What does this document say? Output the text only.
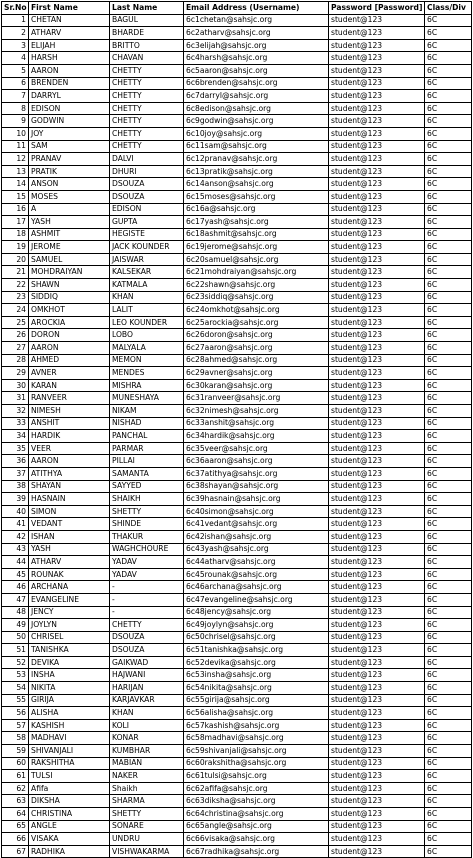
Sr.No	First Name	Last Name	Email Address (Username)	Password [Password]	Class/Div
1	CHETAN	BAGUL	6c1chetan@sahsjc.org	student@123	6C
2	ATHARV	BHARDE	6c2atharv@sahsjc.org	student@123	6C
3	ELIJAH	BRITTO	6c3elijah@sahsjc.org	student@123	6C
4	HARSH	CHAVAN	6c4harsh@sahsjc.org	student@123	6C
5	AARON	CHETTY	6c5aaron@sahsjc.org	student@123	6C
6	BRENDEN	CHETTY	6c6brenden@sahsjc.org	student@123	6C
7	DARRYL	CHETTY	6c7darryl@sahsjc.org	student@123	6C
8	EDISON	CHETTY	6c8edison@sahsjc.org	student@123	6C
9	GODWIN	CHETTY	6c9godwin@sahsjc.org	student@123	6C
10	JOY	CHETTY	6c10joy@sahsjc.org	student@123	6C
11	SAM	CHETTY	6c11sam@sahsjc.org	student@123	6C
12	PRANAV	DALVI	6c12pranav@sahsjc.org	student@123	6C
13	PRATIK	DHURI	6c13pratik@sahsjc.org	student@123	6C
14	ANSON	DSOUZA	6c14anson@sahsjc.org	student@123	6C
15	MOSES	DSOUZA	6c15moses@sahsjc.org	student@123	6C
16	A	EDISON	6c16a@sahsjc.org	student@123	6C
17	YASH	GUPTA	6c17yash@sahsjc.org	student@123	6C
18	ASHMIT	HEGISTE	6c18ashmit@sahsjc.org	student@123	6C
19	JEROME	JACK KOUNDER	6c19jerome@sahsjc.org	student@123	6C
20	SAMUEL	JAISWAR	6c20samuel@sahsjc.org	student@123	6C
21	MOHDRAIYAN	KALSEKAR	6c21mohdraiyan@sahsjc.org	student@123	6C
22	SHAWN	KATMALA	6c22shawn@sahsjc.org	student@123	6C
23	SIDDIQ	KHAN	6c23siddiq@sahsjc.org	student@123	6C
24	OMKHOT	LALIT	6c24omkhot@sahsjc.org	student@123	6C
25	AROCKIA	LEO KOUNDER	6c25arockia@sahsjc.org	student@123	6C
26	DORON	LOBO	6c26doron@sahsjc.org	student@123	6C
27	AARON	MALYALA	6c27aaron@sahsjc.org	student@123	6C
28	AHMED	MEMON	6c28ahmed@sahsjc.org	student@123	6C
29	AVNER	MENDES	6c29avner@sahsjc.org	student@123	6C
30	KARAN	MISHRA	6c30karan@sahsjc.org	student@123	6C
31	RANVEER	MUNESHAYA	6c31ranveer@sahsjc.org	student@123	6C
32	NIMESH	NIKAM	6c32nimesh@sahsjc.org	student@123	6C
33	ANSHIT	NISHAD	6c33anshit@sahsjc.org	student@123	6C
34	HARDIK	PANCHAL	6c34hardik@sahsjc.org	student@123	6C
35	VEER	PARMAR	6c35veer@sahsjc.org	student@123	6C
36	AARON	PILLAI	6c36aaron@sahsjc.org	student@123	6C
37	ATITHYA	SAMANTA	6c37atithya@sahsjc.org	student@123	6C
38	SHAYAN	SAYYED	6c38shayan@sahsjc.org	student@123	6C
39	HASNAIN	SHAIKH	6c39hasnain@sahsjc.org	student@123	6C
40	SIMON	SHETTY	6c40simon@sahsjc.org	student@123	6C
41	VEDANT	SHINDE	6c41vedant@sahsjc.org	student@123	6C
42	ISHAN	THAKUR	6c42ishan@sahsjc.org	student@123	6C
43	YASH	WAGHCHOURE	6c43yash@sahsjc.org	student@123	6C
44	ATHARV	YADAV	6c44atharv@sahsjc.org	student@123	6C
45	ROUNAK	YADAV	6c45rounak@sahsjc.org	student@123	6C
46	ARCHANA	-	6c46archana@sahsjc.org	student@123	6C
47	EVANGELINE	-	6c47evangeline@sahsjc.org	student@123	6C
48	JENCY	-	6c48jency@sahsjc.org	student@123	6C
49	JOYLYN	CHETTY	6c49joylyn@sahsjc.org	student@123	6C
50	CHRISEL	DSOUZA	6c50chrisel@sahsjc.org	student@123	6C
51	TANISHKA	DSOUZA	6c51tanishka@sahsjc.org	student@123	6C
52	DEVIKA	GAIKWAD	6c52devika@sahsjc.org	student@123	6C
53	INSHA	HAJWANI	6c53insha@sahsjc.org	student@123	6C
54	NIKITA	HARIJAN	6c54nikita@sahsjc.org	student@123	6C
55	GIRIJA	KARJAVKAR	6c55girija@sahsjc.org	student@123	6C
56	ALISHA	KHAN	6c56alisha@sahsjc.org	student@123	6C
57	KASHISH	KOLI	6c57kashish@sahsjc.org	student@123	6C
58	MADHAVI	KONAR	6c58madhavi@sahsjc.org	student@123	6C
59	SHIVANJALI	KUMBHAR	6c59shivanjali@sahsjc.org	student@123	6C
60	RAKSHITHA	MABIAN	6c60rakshitha@sahsjc.org	student@123	6C
61	TULSI	NAKER	6c61tulsi@sahsjc.org	student@123	6C
62	Afifa	Shaikh	6c62afifa@sahsjc.org	student@123	6C
63	DIKSHA	SHARMA	6c63diksha@sahsjc.org	student@123	6C
64	CHRISTINA	SHETTY	6c64christina@sahsjc.org	student@123	6C
65	ANGLE	SONARE	6c65angle@sahsjc.org	student@123	6C
66	VISAKA	UNDRU	6c66visaka@sahsjc.org	student@123	6C
67	RADHIKA	VISHWAKARMA	6c67radhika@sahsjc.org	student@123	6C
